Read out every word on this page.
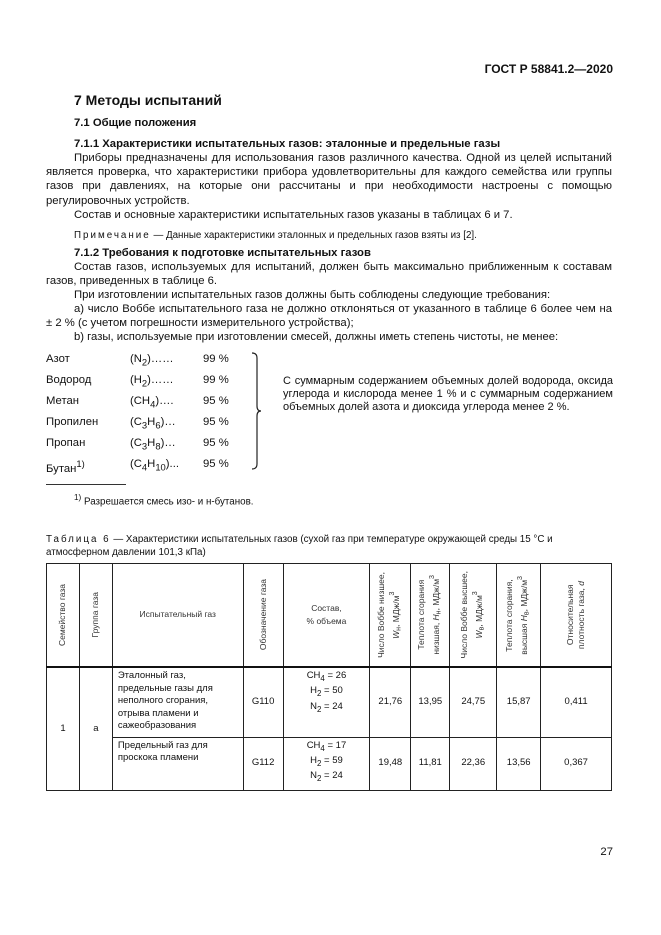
ГОСТ Р 58841.2—2020
7 Методы испытаний
7.1 Общие положения
7.1.1 Характеристики испытательных газов: эталонные и предельные газы

Приборы предназначены для использования газов различного качества. Одной из целей испытаний является проверка, что характеристики прибора удовлетворительны для каждого семейства или группы газов при давлениях, на которые они рассчитаны и при необходимости настроены с помощью регулировочных устройств.

Состав и основные характеристики испытательных газов указаны в таблицах 6 и 7.

Примечание — Данные характеристики эталонных и предельных газов взяты из [2].
7.1.2 Требования к подготовке испытательных газов

Состав газов, используемых для испытаний, должен быть максимально приближенным к составам газов, приведенных в таблице 6.

При изготовлении испытательных газов должны быть соблюдены следующие требования:

а) число Воббе испытательного газа не должно отклоняться от указанного в таблице 6 более чем на ± 2 % (с учетом погрешности измерительного устройства);

b) газы, используемые при изготовлении смесей, должны иметь степень чистоты, не менее:

Азот	$(N_2)\dots\dots$	99 %
Водород	$(H_2)\dots\dots$	99 %
Метан	$(CH_4)\dots$.	95 %
Пропилен	$(C_3H_6)\dots$ 95 %
Пропан	$(C_3H_8)\dots$ 95 %
Бутан$^{1)}$	$(C_4H_{10})$... 95 %

С суммарным содержанием объемных долей водорода, оксида углерода и кислорода менее 1 % и с суммарным содержанием объемных долей азота и диоксида углерода менее 2 %.

$^{1)}$ Разрешается смесь изо- и н-бутанов.
Таблица 6 — Характеристики испытательных газов (сухой газ при температуре окружающей среды 15 °С и атмосферном давлении 101,3 кПа)
Семейство газа	Группа газа	Испытательный газ	Обозначение газа	Состав,
% объема	Число Воббе низшее, $W_н$, МДж/$м^3$	Теплота сгорания низшая, $H_н$, МДж/$м^3$	Число Воббе высшее, $W_в$, МДж/$м^3$	Теплота сгорания, высшая $H_в$, МДж/$м^3$	Относительная
плотность газа, d

1	a	Эталонный газ, предельные газы для неполного сгорания, отрыва пламени и сажеобразования	G110	$CH_4 = 26$
$H_2 = 50$
$N_2 = 24$	21,76	13,95	24,75	15,87	0,411
		Предельный газ для проскока пламени	G112	$CH_4 = 17$
$H_2 = 59$
$N_2 = 24$	19,48	11,81	22,36	13,56	0,367
27
